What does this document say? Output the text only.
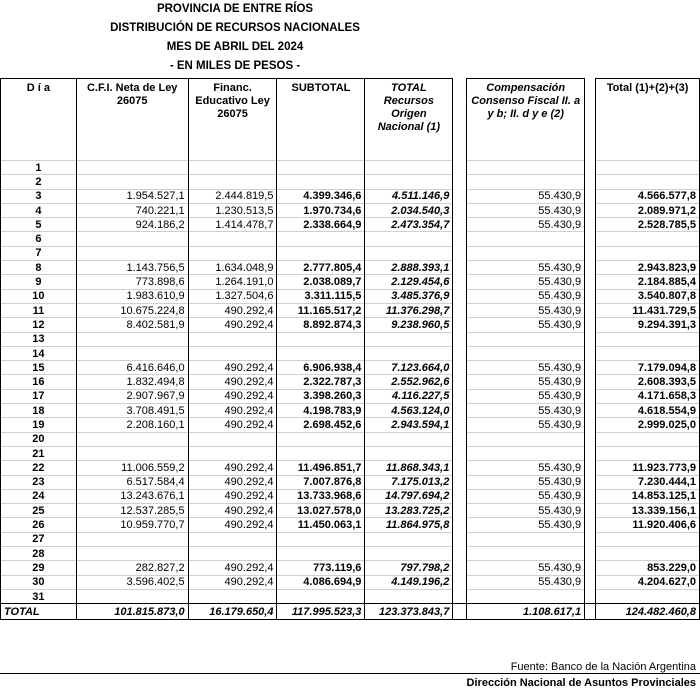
PROVINCIA DE ENTRE RÍOS
DISTRIBUCIÓN DE RECURSOS NACIONALES
MES DE ABRIL DEL 2024
- EN MILES DE PESOS -
D í a	C.F.I. Neta de Ley 26075	Financ. Educativo Ley 26075	SUBTOTAL	TOTAL Recursos Origen Nacional (1)		Compensación Consenso Fiscal II. a y b; II. d y e (2)		Total (1)+(2)+(3)
1								
2								
3	1.954.527,1	2.444.819,5	4.399.346,6	4.511.146,9		55.430,9		4.566.577,8
4	740.221,1	1.230.513,5	1.970.734,6	2.034.540,3		55.430,9		2.089.971,2
5	924.186,2	1.414.478,7	2.338.664,9	2.473.354,7		55.430,9		2.528.785,5
6								
7								
8	1.143.756,5	1.634.048,9	2.777.805,4	2.888.393,1		55.430,9		2.943.823,9
9	773.898,6	1.264.191,0	2.038.089,7	2.129.454,6		55.430,9		2.184.885,4
10	1.983.610,9	1.327.504,6	3.311.115,5	3.485.376,9		55.430,9		3.540.807,8
11	10.675.224,8	490.292,4	11.165.517,2	11.376.298,7		55.430,9		11.431.729,5
12	8.402.581,9	490.292,4	8.892.874,3	9.238.960,5		55.430,9		9.294.391,3
13								
14								
15	6.416.646,0	490.292,4	6.906.938,4	7.123.664,0		55.430,9		7.179.094,8
16	1.832.494,8	490.292,4	2.322.787,3	2.552.962,6		55.430,9		2.608.393,5
17	2.907.967,9	490.292,4	3.398.260,3	4.116.227,5		55.430,9		4.171.658,3
18	3.708.491,5	490.292,4	4.198.783,9	4.563.124,0		55.430,9		4.618.554,9
19	2.208.160,1	490.292,4	2.698.452,6	2.943.594,1		55.430,9		2.999.025,0
20								
21								
22	11.006.559,2	490.292,4	11.496.851,7	11.868.343,1		55.430,9		11.923.773,9
23	6.517.584,4	490.292,4	7.007.876,8	7.175.013,2		55.430,9		7.230.444,1
24	13.243.676,1	490.292,4	13.733.968,6	14.797.694,2		55.430,9		14.853.125,1
25	12.537.285,5	490.292,4	13.027.578,0	13.283.725,2		55.430,9		13.339.156,1
26	10.959.770,7	490.292,4	11.450.063,1	11.864.975,8		55.430,9		11.920.406,6
27								
28								
29	282.827,2	490.292,4	773.119,6	797.798,2		55.430,9		853.229,0
30	3.596.402,5	490.292,4	4.086.694,9	4.149.196,2		55.430,9		4.204.627,0
31								
TOTAL	101.815.873,0	16.179.650,4	117.995.523,3	123.373.843,7		1.108.617,1		124.482.460,8
Fuente: Banco de la Nación Argentina
Dirección Nacional de Asuntos Provinciales
